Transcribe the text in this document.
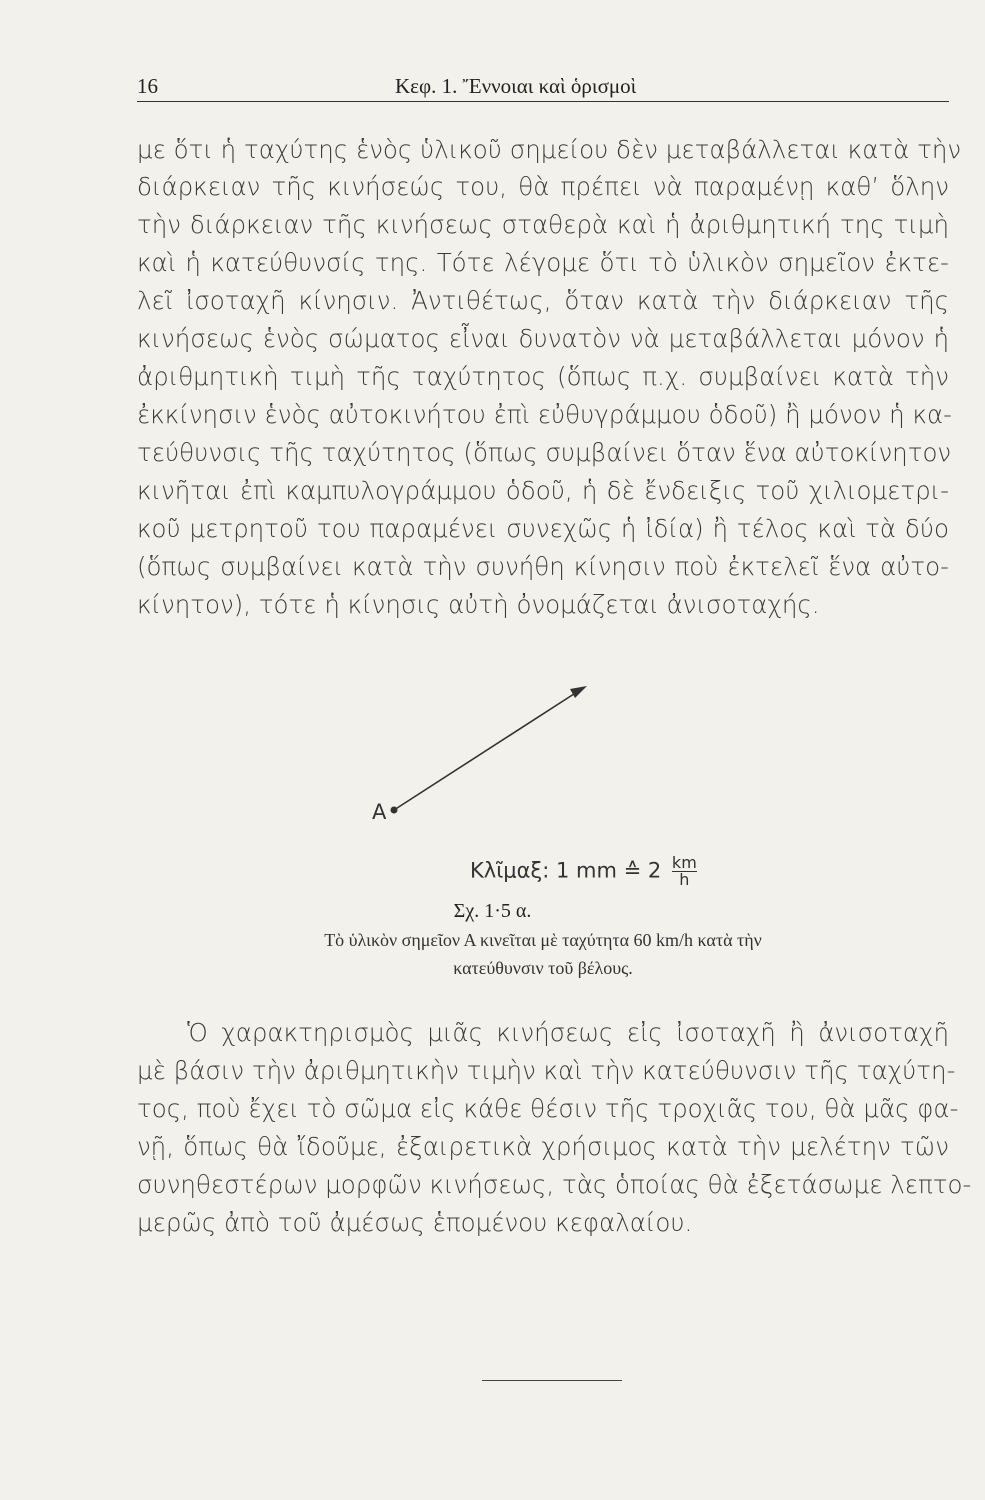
16	Κεφ. 1. Ἔννοιαι καὶ ὁρισμοὶ
με ὅτι ἡ ταχύτης ἑνὸς ὑλικοῦ σημείου δὲν μεταβάλλεται κατὰ τὴν
διάρκειαν τῆς κινήσεώς του, θὰ πρέπει νὰ παραμένῃ καθ’ ὅλην
τὴν διάρκειαν τῆς κινήσεως σταθερὰ καὶ ἡ ἀριθμητική της τιμὴ
καὶ ἡ κατεύθυνσίς της. Τότε λέγομε ὅτι τὸ ὑλικὸν σημεῖον ἐκτε-
λεῖ ἰσοταχῆ κίνησιν. Ἀντιθέτως, ὅταν κατὰ τὴν διάρκειαν τῆς
κινήσεως ἑνὸς σώματος εἶναι δυνατὸν νὰ μεταβάλλεται μόνον ἡ
ἀριθμητικὴ τιμὴ τῆς ταχύτητος (ὅπως π.χ. συμβαίνει κατὰ τὴν
ἐκκίνησιν ἑνὸς αὐτοκινήτου ἐπὶ εὐθυγράμμου ὁδοῦ) ἢ μόνον ἡ κα-
τεύθυνσις τῆς ταχύτητος (ὅπως συμβαίνει ὅταν ἕνα αὐτοκίνητον
κινῆται ἐπὶ καμπυλογράμμου ὁδοῦ, ἡ δὲ ἔνδειξις τοῦ χιλιομετρι-
κοῦ μετρητοῦ του παραμένει συνεχῶς ἡ ἰδία) ἢ τέλος καὶ τὰ δύο
(ὅπως συμβαίνει κατὰ τὴν συνήθη κίνησιν ποὺ ἐκτελεῖ ἕνα αὐτο-
κίνητον), τότε ἡ κίνησις αὐτὴ ὀνομάζεται ἀνισοταχής.
A
Κλῖμαξ: 1 mm ≙ $2 \frac{km}{h}$
Σχ. 1·5 α.
Τὸ ὑλικὸν σημεῖον Α κινεῖται μὲ ταχύτητα 60 km/h κατὰ τὴν
κατεύθυνσιν τοῦ βέλους.
Ὁ χαρακτηρισμὸς μιᾶς κινήσεως εἰς ἰσοταχῆ ἢ ἀνισοταχῆ
μὲ βάσιν τὴν ἀριθμητικὴν τιμὴν καὶ τὴν κατεύθυνσιν τῆς ταχύτη-
τος, ποὺ ἔχει τὸ σῶμα εἰς κάθε θέσιν τῆς τροχιᾶς του, θὰ μᾶς φα-
νῇ, ὅπως θὰ ἴδοῦμε, ἐξαιρετικὰ χρήσιμος κατὰ τὴν μελέτην τῶν
συνηθεστέρων μορφῶν κινήσεως, τὰς ὁποίας θὰ ἐξετάσωμε λεπτο-
μερῶς ἀπὸ τοῦ ἀμέσως ἑπομένου κεφαλαίου.
